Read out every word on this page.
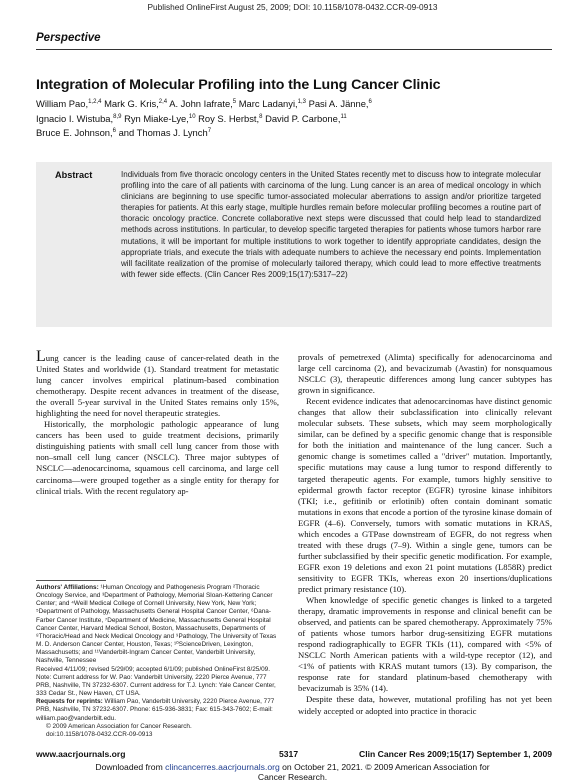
Published OnlineFirst August 25, 2009; DOI: 10.1158/1078-0432.CCR-09-0913
Perspective
Integration of Molecular Profiling into the Lung Cancer Clinic
William Pao,$^{1,2,4}$ Mark G. Kris,$^{2,4}$ A. John Iafrate,$^5$ Marc Ladanyi,$^{1,3}$ Pasi A. Jänne,$^6$
Ignacio I. Wistuba,$^{8,9}$ Ryn Miake-Lye,$^{10}$ Roy S. Herbst,$^8$ David P. Carbone,$^{11}$
Bruce E. Johnson,$^6$ and Thomas J. Lynch$^7$
Abstract	Individuals from five thoracic oncology centers in the United States recently met to discuss how to integrate molecular profiling into the care of all patients with carcinoma of the lung. Lung cancer is an area of medical oncology in which clinicians are beginning to use specific tumor-associated molecular aberrations to assign and/or prioritize targeted therapies for patients. At this early stage, multiple hurdles remain before molecular profiling becomes a routine part of thoracic oncology practice. Concrete collaborative next steps were discussed that could help lead to standardized methods across institutions. In particular, to develop specific targeted therapies for patients whose tumors harbor rare mutations, it will be important for multiple institutions to work together to identify appropriate candidates, design the appropriate trials, and execute the trials with adequate numbers to achieve the necessary end points. Implementation will facilitate realization of the promise of molecularly tailored therapy, which could lead to more effective treatments with fewer side effects. (Clin Cancer Res 2009;15(17):5317–22)

Lung cancer is the leading cause of cancer-related death in the United States and worldwide (1). Standard treatment for metastatic lung cancer involves empirical platinum-based combination chemotherapy. Despite recent advances in treatment of the disease, the overall 5-year survival in the United States remains only 15%, highlighting the need for novel therapeutic strategies.

Historically, the morphologic pathologic appearance of lung cancers has been used to guide treatment decisions, primarily distinguishing patients with small cell lung cancer from those with non–small cell lung cancer (NSCLC). Three major subtypes of NSCLC—adenocarcinoma, squamous cell carcinoma, and large cell carcinoma—were grouped together as a single entity for therapy for clinical trials. With the recent regulatory ap-

provals of pemetrexed (Alimta) specifically for adenocarcinoma and large cell carcinoma (2), and bevacizumab (Avastin) for nonsquamous NSCLC (3), therapeutic differences among lung cancer subtypes has grown in significance.

Recent evidence indicates that adenocarcinomas have distinct genomic changes that allow their subclassification into clinically relevant molecular subsets. These subsets, which may seem morphologically similar, can be defined by a specific genomic change that is responsible for both the initiation and maintenance of the lung cancer. Such a genomic change is sometimes called a "driver" mutation. Importantly, specific mutations may cause a lung tumor to respond differently to targeted therapeutic agents. For example, tumors highly sensitive to epidermal growth factor receptor (EGFR) tyrosine kinase inhibitors (TKI; i.e., gefitinib or erlotinib) often contain dominant somatic mutations in exons that encode a portion of the tyrosine kinase domain of EGFR (4–6). Conversely, tumors with somatic mutations in KRAS, which encodes a GTPase downstream of EGFR, do not regress when treated with these drugs (7–9). Within a single gene, tumors can be further subclassified by their specific genetic modification. For example, EGFR exon 19 deletions and exon 21 point mutations (L858R) predict sensitivity to EGFR TKIs, whereas exon 20 insertions/duplications predict primary resistance (10).

When knowledge of specific genetic changes is linked to a targeted therapy, dramatic improvements in response and clinical benefit can be observed, and patients can be spared chemotherapy. Approximately 75% of patients whose tumors harbor drug-sensitizing EGFR mutations respond radiographically to EGFR TKIs (11), compared with <5% of NSCLC North American patients with a wild-type receptor (12), and <1% of patients with KRAS mutant tumors (13). By comparison, the response rate for standard platinum-based chemotherapy with bevacizumab is 35% (14).

Despite these data, however, mutational profiling has not yet been widely accepted or adopted into practice in thoracic

Authors' Affiliations: ¹Human Oncology and Pathogenesis Program ²Thoracic Oncology Service, and ³Department of Pathology, Memorial Sloan-Kettering Cancer Center; and ⁴Weill Medical College of Cornell University, New York, New York; ⁵Department of Pathology, Massachusetts General Hospital Cancer Center, ⁶Dana-Farber Cancer Institute, ⁷Department of Medicine, Massachusetts General Hospital Cancer Center, Harvard Medical School, Boston, Massachusetts, Departments of ⁸Thoracic/Head and Neck Medical Oncology and ⁹Pathology, The University of Texas M. D. Anderson Cancer Center, Houston, Texas; ¹⁰ScienceDriven, Lexington, Massachusetts; and ¹¹Vanderbilt-Ingram Cancer Center, Vanderbilt University, Nashville, Tennessee
Received 4/11/09; revised 5/29/09; accepted 6/1/09; published OnlineFirst 8/25/09.
Note: Current address for W. Pao: Vanderbilt University, 2220 Pierce Avenue, 777 PRB, Nashville, TN 37232-6307. Current address for T.J. Lynch: Yale Cancer Center, 333 Cedar St., New Haven, CT USA.
Requests for reprints: William Pao, Vanderbilt University, 2220 Pierce Avenue, 777 PRB, Nashville, TN 37232-6307. Phone: 615-936-3831; Fax: 615-343-7602; E-mail: william.pao@vanderbilt.edu.
© 2009 American Association for Cancer Research.
doi:10.1158/1078-0432.CCR-09-0913
www.aacrjournals.org	5317	Clin Cancer Res 2009;15(17) September 1, 2009
Downloaded from clincancerres.aacrjournals.org on October 21, 2021. © 2009 American Association for
Cancer Research.
